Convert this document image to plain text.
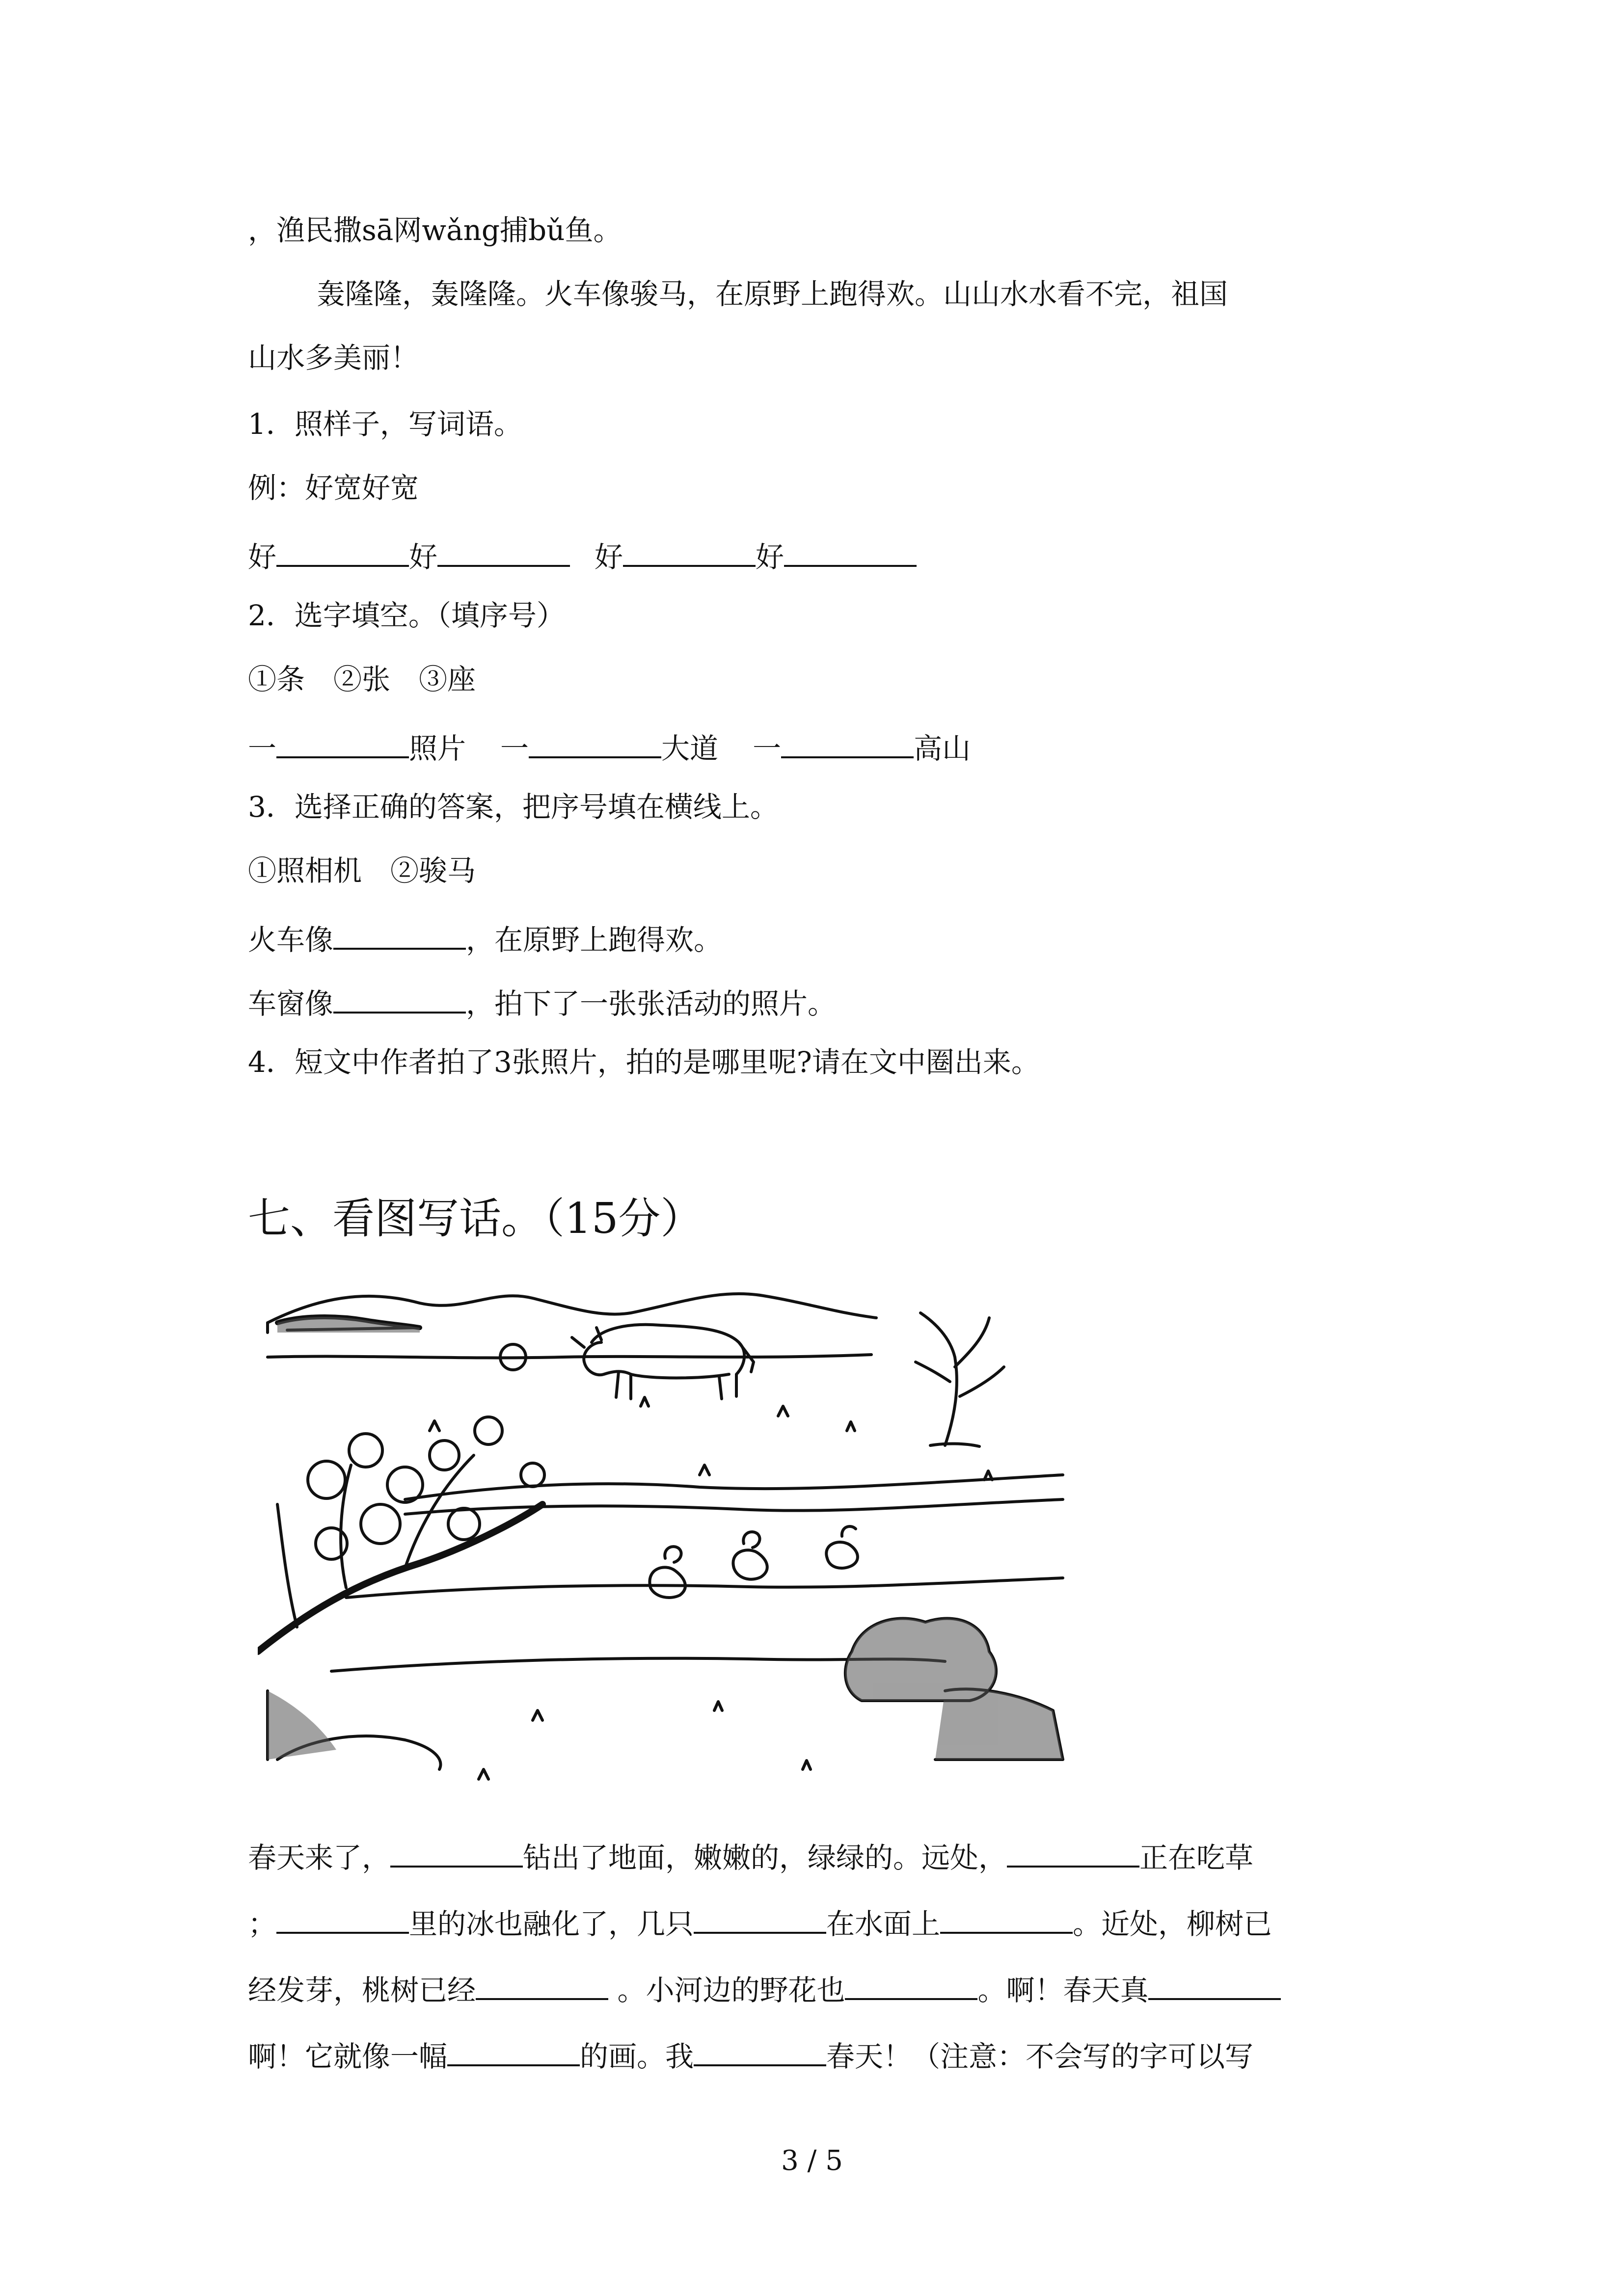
，渔民撒sā网wǎng捕bǔ鱼。
轰隆隆，轰隆隆。火车像骏马，在原野上跑得欢。山山水水看不完，祖国
山水多美丽！
1．照样子，写词语。
例：好宽好宽
好	好	好	好
2．选字填空。（填序号）
①条　②张　③座
一	照片 一	大道 一	高山
3．选择正确的答案，把序号填在横线上。
①照相机　②骏马
火车像	，在原野上跑得欢。
车窗像	，拍下了一张张活动的照片。
4．短文中作者拍了3张照片，拍的是哪里呢?请在文中圈出来。
七、看图写话。（15分）
春天来了，	钻出了地面，嫩嫩的，绿绿的。远处，	正在吃草
；	里的冰也融化了，几只	在水面上	。近处，柳树已
经发芽，桃树已经	。小河边的野花也	。啊！春天真
啊！它就像一幅	的画。我	春天！（注意：不会写的字可以写
3 / 5
